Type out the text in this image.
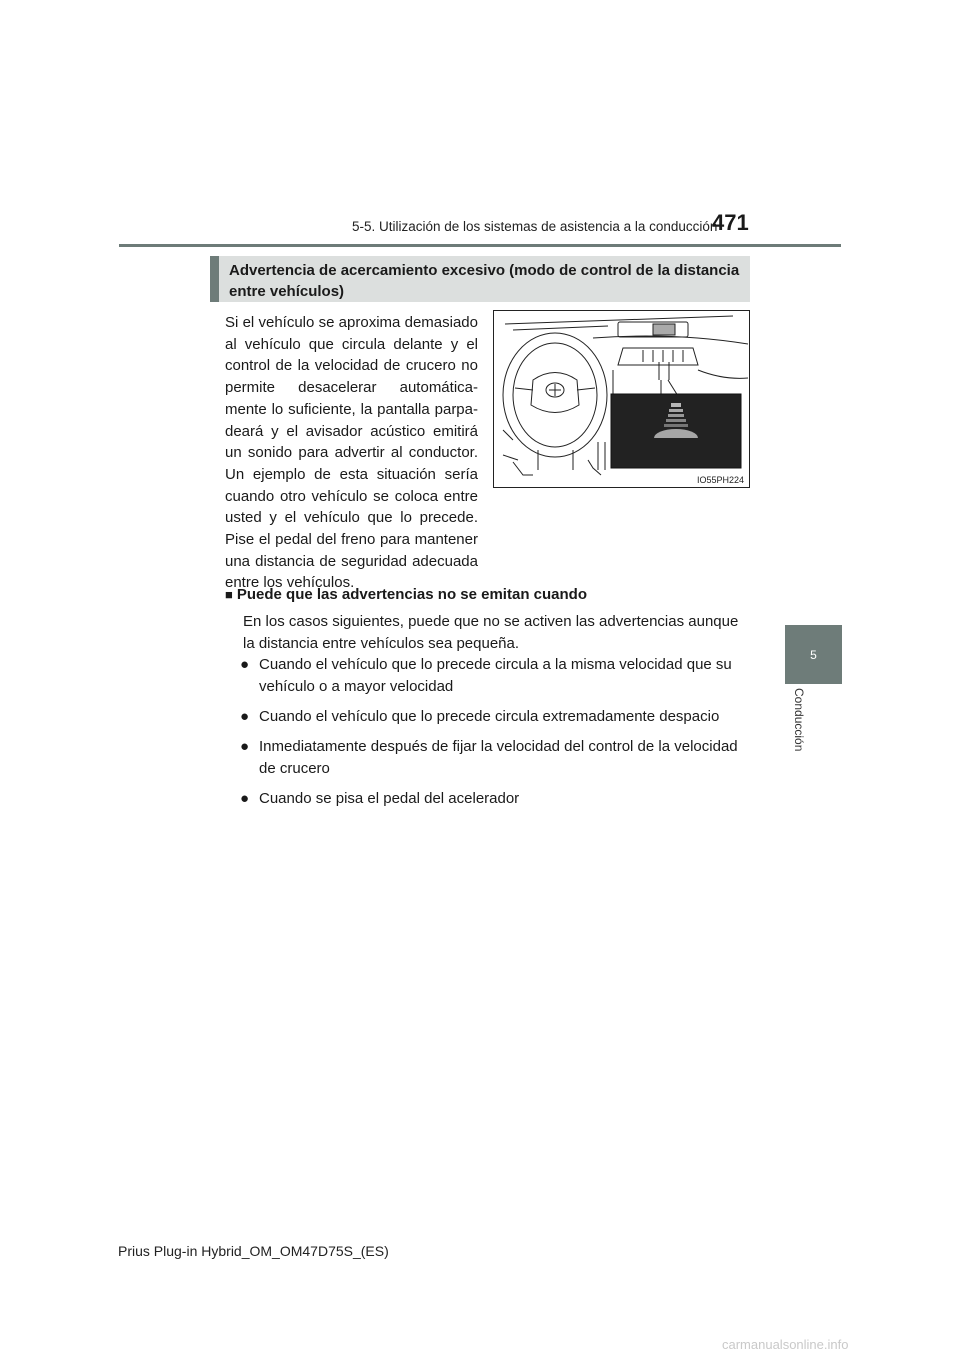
5-5. Utilización de los sistemas de asistencia a la conducción
471
5
Conducción
Advertencia de acercamiento excesivo (modo de control de la distancia entre vehículos)

Si el vehículo se aproxima demasiado al vehículo que circula delante y el control de la velocidad de crucero no permite desacelerar automática-mente lo suficiente, la pantalla parpa-deará y el avisador acústico emitirá un sonido para advertir al conductor. Un ejemplo de esta situación sería cuando otro vehículo se coloca entre usted y el vehículo que lo precede. Pise el pedal del freno para mantener una distancia de seguridad adecuada entre los vehículos.

IO55PH224
■ Puede que las advertencias no se emitan cuando

En los casos siguientes, puede que no se activen las advertencias aunque la distancia entre vehículos sea pequeña.

● Cuando el vehículo que lo precede circula a la misma velocidad que su vehículo o a mayor velocidad
● Cuando el vehículo que lo precede circula extremadamente despacio
● Inmediatamente después de fijar la velocidad del control de la velocidad de crucero
● Cuando se pisa el pedal del acelerador
Prius Plug-in Hybrid_OM_OM47D75S_(ES)
carmanualsonline.info
